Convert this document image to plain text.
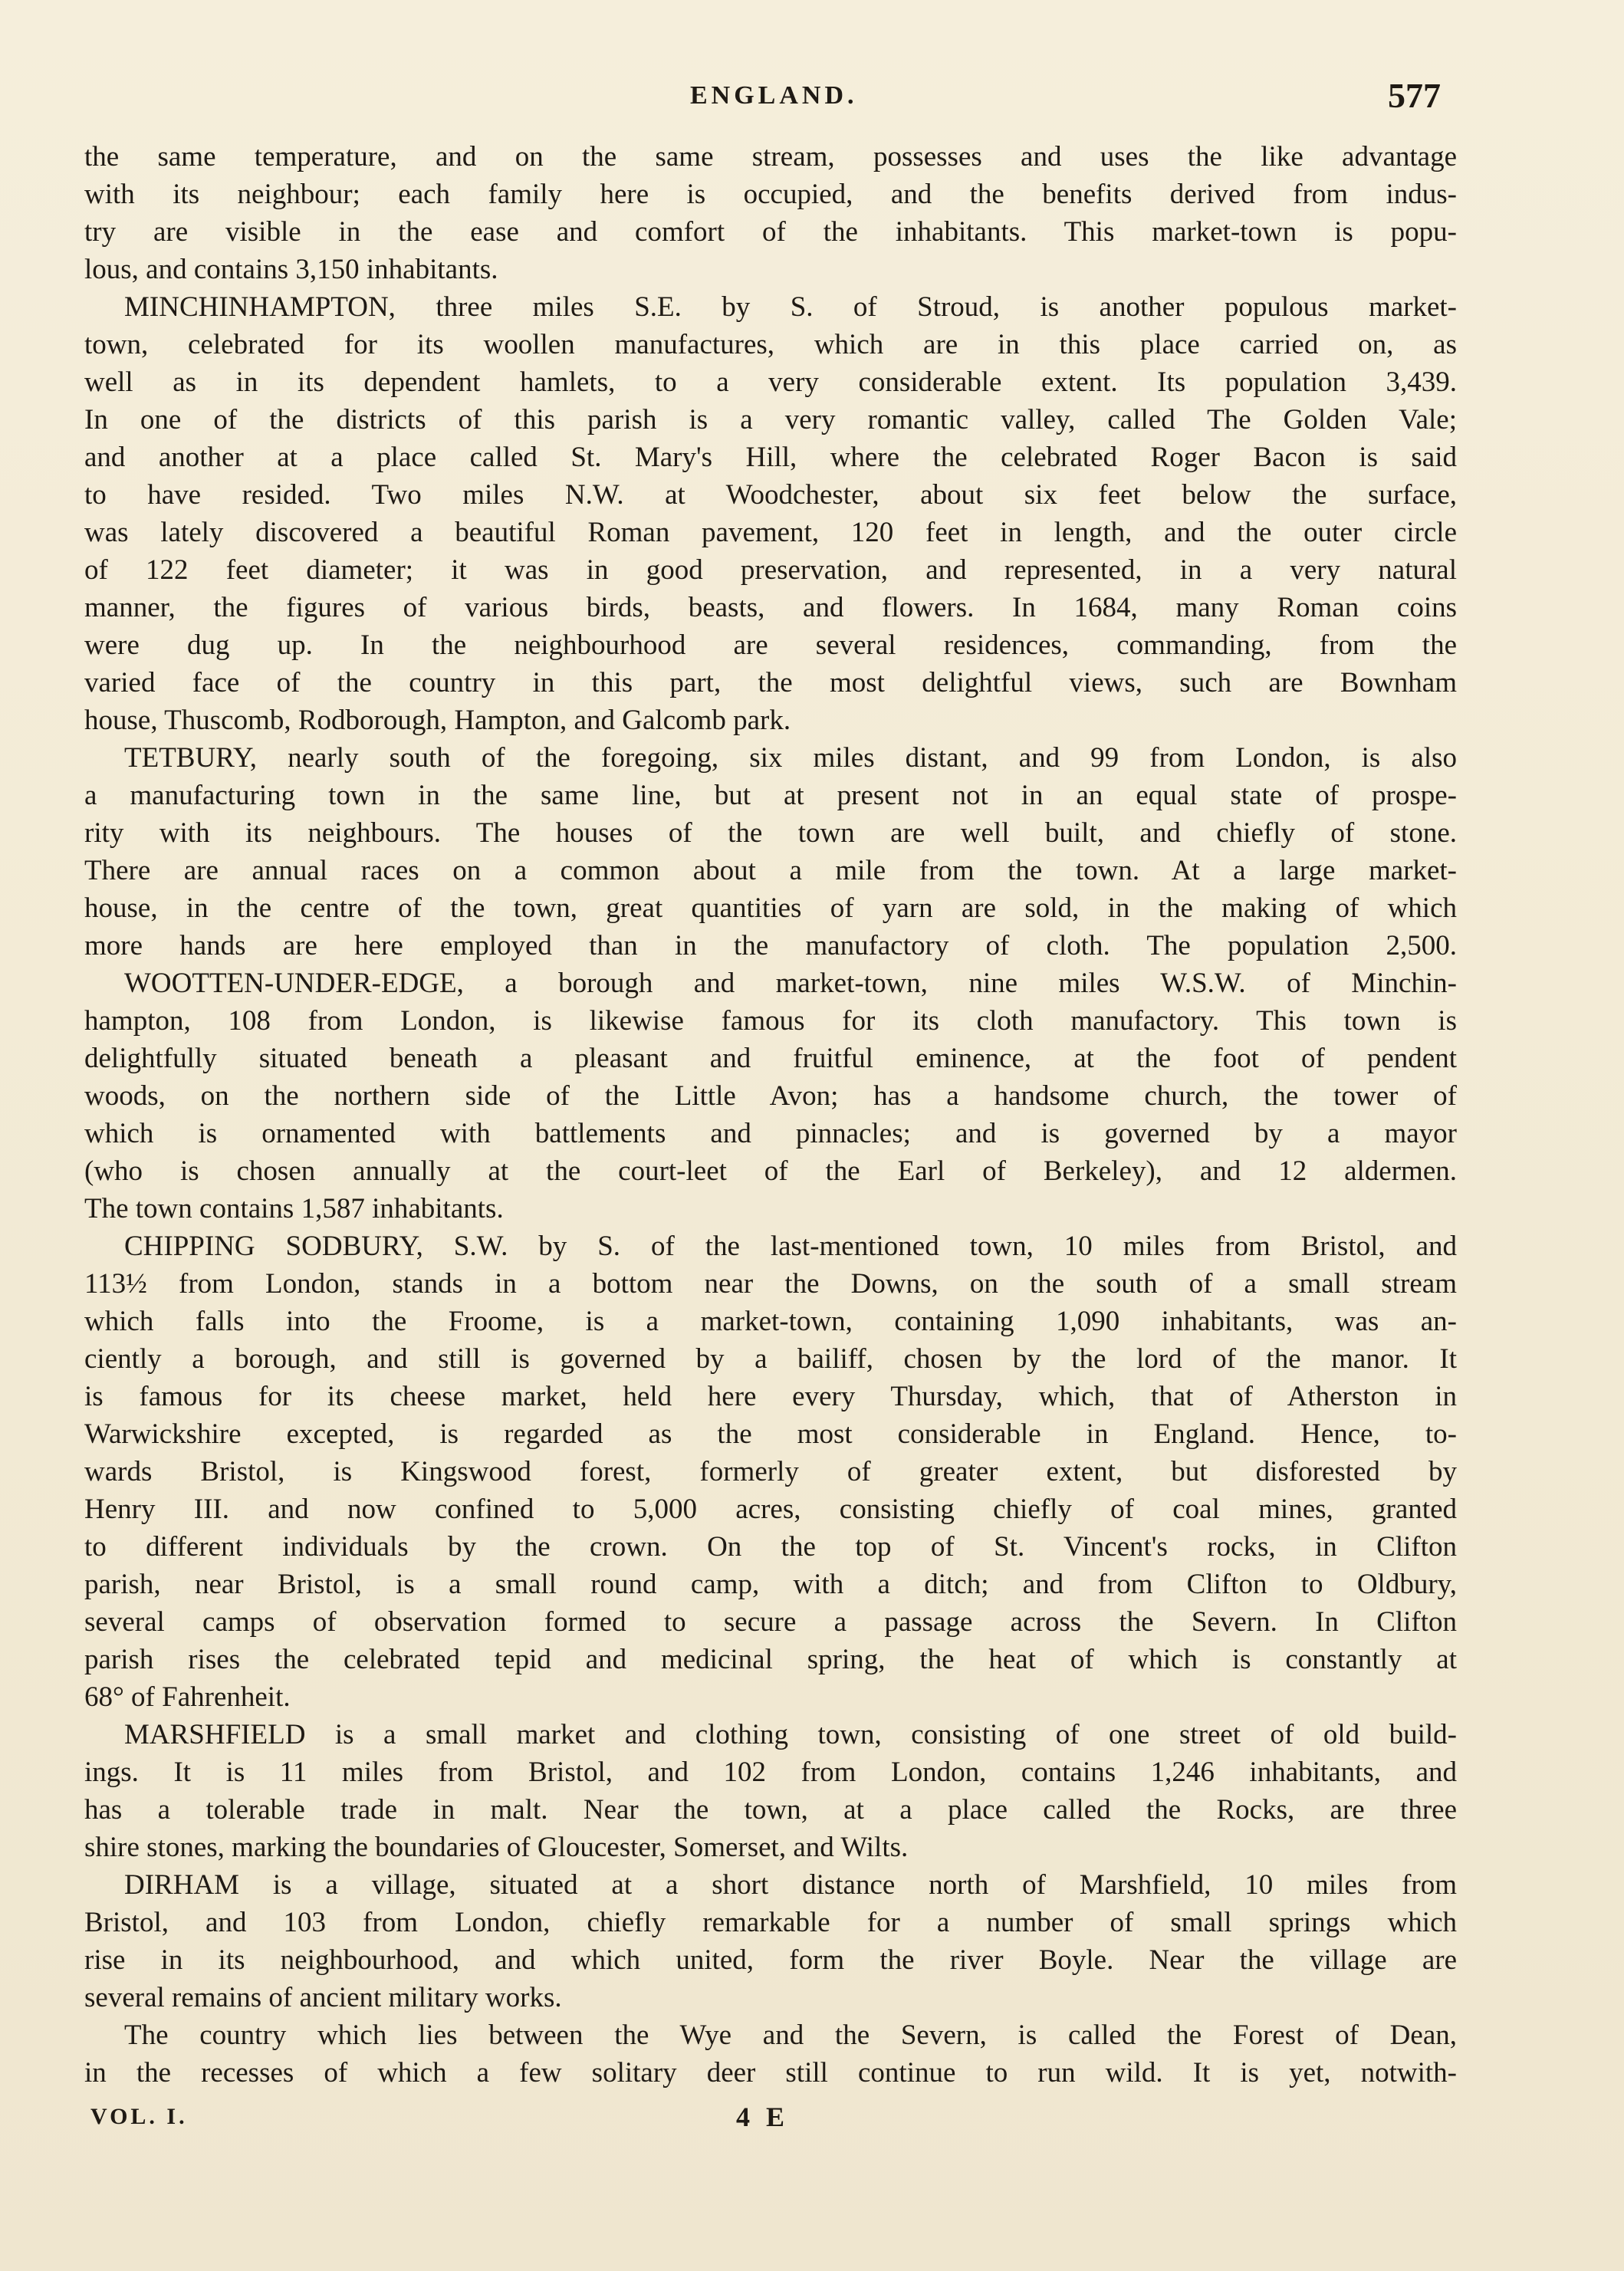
ENGLAND.	577
the same temperature, and on the same stream, possesses and uses the like advantage
with its neighbour; each family here is occupied, and the benefits derived from indus-
try are visible in the ease and comfort of the inhabitants. This market-town is popu-
lous, and contains 3,150 inhabitants.
MINCHINHAMPTON, three miles S.E. by S. of Stroud, is another populous market-
town, celebrated for its woollen manufactures, which are in this place carried on, as
well as in its dependent hamlets, to a very considerable extent. Its population 3,439.
In one of the districts of this parish is a very romantic valley, called The Golden Vale;
and another at a place called St. Mary's Hill, where the celebrated Roger Bacon is said
to have resided. Two miles N.W. at Woodchester, about six feet below the surface,
was lately discovered a beautiful Roman pavement, 120 feet in length, and the outer circle
of 122 feet diameter; it was in good preservation, and represented, in a very natural
manner, the figures of various birds, beasts, and flowers. In 1684, many Roman coins
were dug up. In the neighbourhood are several residences, commanding, from the
varied face of the country in this part, the most delightful views, such are Bownham
house, Thuscomb, Rodborough, Hampton, and Galcomb park.
TETBURY, nearly south of the foregoing, six miles distant, and 99 from London, is also
a manufacturing town in the same line, but at present not in an equal state of prospe-
rity with its neighbours. The houses of the town are well built, and chiefly of stone.
There are annual races on a common about a mile from the town. At a large market-
house, in the centre of the town, great quantities of yarn are sold, in the making of which
more hands are here employed than in the manufactory of cloth. The population 2,500.
WOOTTEN-UNDER-EDGE, a borough and market-town, nine miles W.S.W. of Minchin-
hampton, 108 from London, is likewise famous for its cloth manufactory. This town is
delightfully situated beneath a pleasant and fruitful eminence, at the foot of pendent
woods, on the northern side of the Little Avon; has a handsome church, the tower of
which is ornamented with battlements and pinnacles; and is governed by a mayor
(who is chosen annually at the court-leet of the Earl of Berkeley), and 12 aldermen.
The town contains 1,587 inhabitants.
CHIPPING SODBURY, S.W. by S. of the last-mentioned town, 10 miles from Bristol, and
113½ from London, stands in a bottom near the Downs, on the south of a small stream
which falls into the Froome, is a market-town, containing 1,090 inhabitants, was an-
ciently a borough, and still is governed by a bailiff, chosen by the lord of the manor. It
is famous for its cheese market, held here every Thursday, which, that of Atherston in
Warwickshire excepted, is regarded as the most considerable in England. Hence, to-
wards Bristol, is Kingswood forest, formerly of greater extent, but disforested by
Henry III. and now confined to 5,000 acres, consisting chiefly of coal mines, granted
to different individuals by the crown. On the top of St. Vincent's rocks, in Clifton
parish, near Bristol, is a small round camp, with a ditch; and from Clifton to Oldbury,
several camps of observation formed to secure a passage across the Severn. In Clifton
parish rises the celebrated tepid and medicinal spring, the heat of which is constantly at
68° of Fahrenheit.
MARSHFIELD is a small market and clothing town, consisting of one street of old build-
ings. It is 11 miles from Bristol, and 102 from London, contains 1,246 inhabitants, and
has a tolerable trade in malt. Near the town, at a place called the Rocks, are three
shire stones, marking the boundaries of Gloucester, Somerset, and Wilts.
DIRHAM is a village, situated at a short distance north of Marshfield, 10 miles from
Bristol, and 103 from London, chiefly remarkable for a number of small springs which
rise in its neighbourhood, and which united, form the river Boyle. Near the village are
several remains of ancient military works.
The country which lies between the Wye and the Severn, is called the Forest of Dean,
in the recesses of which a few solitary deer still continue to run wild. It is yet, notwith-
VOL. I.	4 E
